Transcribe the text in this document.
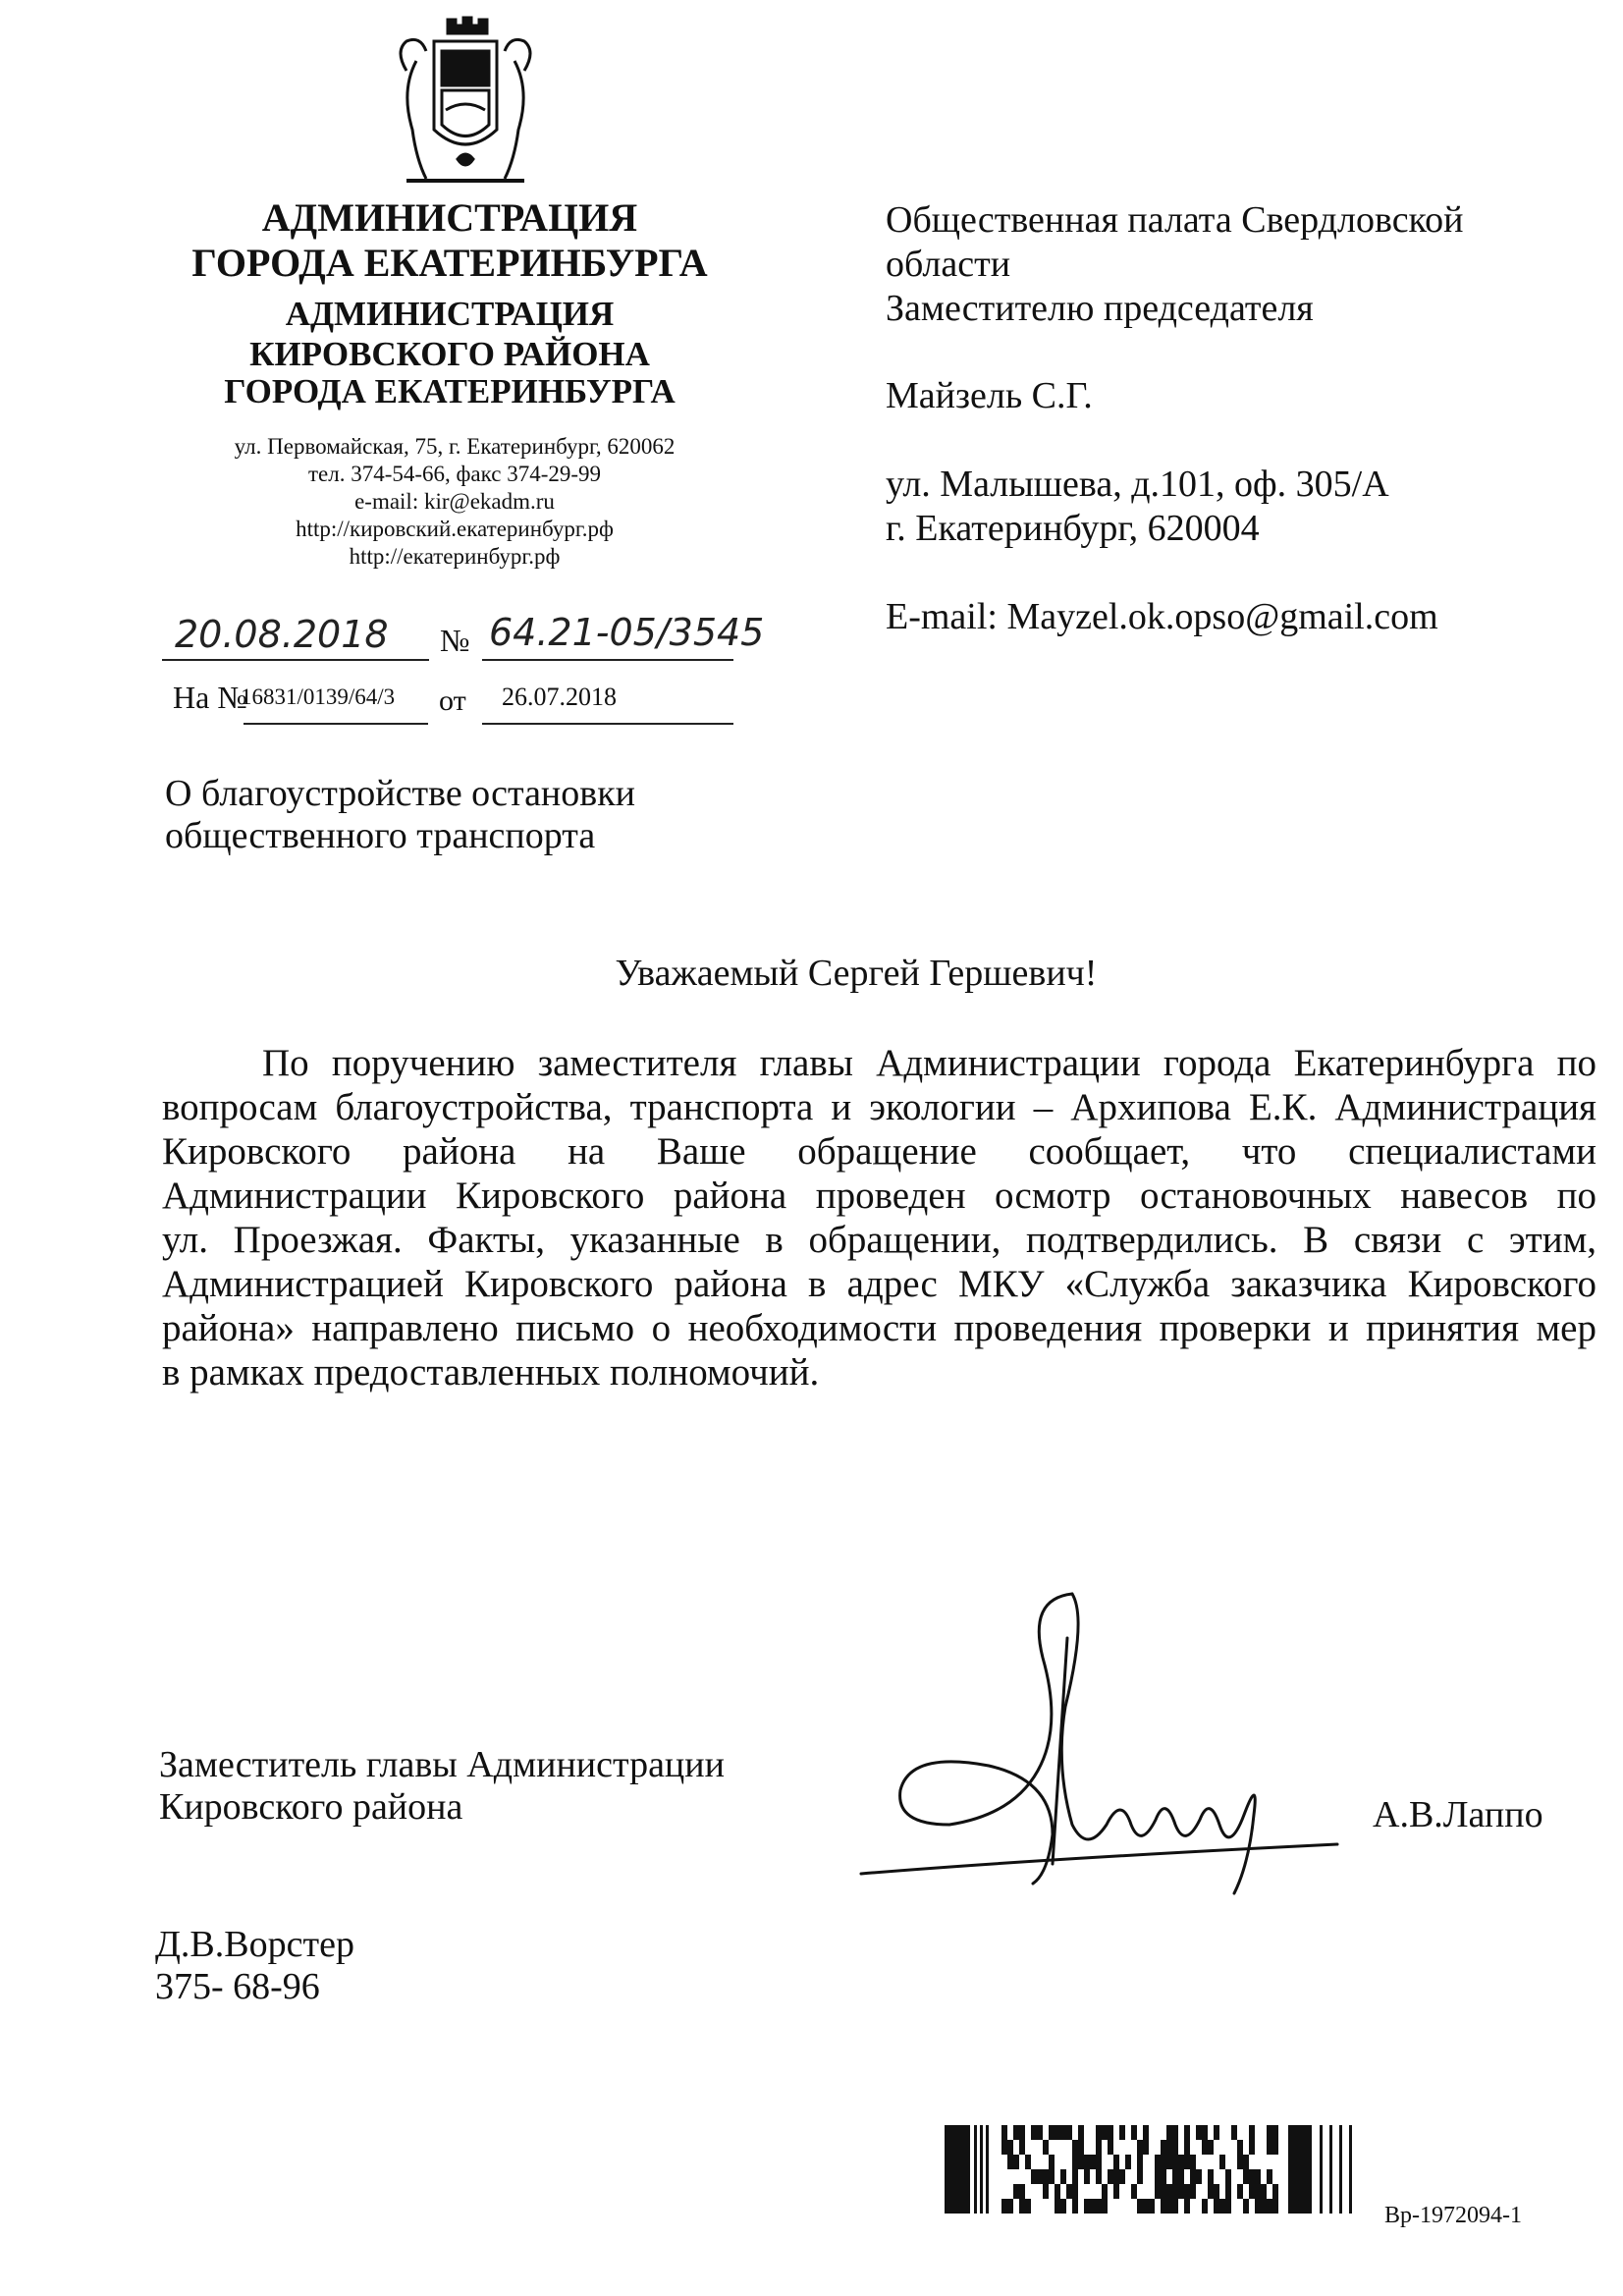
АДМИНИСТРАЦИЯ
ГОРОДА ЕКАТЕРИНБУРГА
АДМИНИСТРАЦИЯ
КИРОВСКОГО РАЙОНА
ГОРОДА ЕКАТЕРИНБУРГА
ул. Первомайская, 75, г. Екатеринбург, 620062
тел. 374-54-66, факс 374-29-99
e-mail: kir@ekadm.ru
http://кировский.екатеринбург.рф
http://екатеринбург.рф
20.08.2018 № 64.21-05/3545
На №
16831/0139/64/3 от 26.07.2018
Общественная палата Свердловской
области
Заместителю председателя
Майзель С.Г.
ул. Малышева, д.101, оф. 305/А
г. Екатеринбург, 620004
E-mail: Mayzel.ok.opso@gmail.com
О благоустройстве остановки
общественного транспорта
Уважаемый Сергей Гершевич!
По поручению заместителя главы Администрации города Екатеринбурга по
вопросам благоустройства, транспорта и экологии – Архипова Е.К. Администрация
Кировского района на Ваше обращение сообщает, что специалистами
Администрации Кировского района проведен осмотр остановочных навесов по
ул. Проезжая. Факты, указанные в обращении, подтвердились. В связи с этим,
Администрацией Кировского района в адрес МКУ «Служба заказчика Кировского
района» направлено письмо о необходимости проведения проверки и принятия мер
в рамках предоставленных полномочий.
Заместитель главы Администрации
Кировского района	А.В.Лаппо
Д.В.Ворстер
375- 68-96
Вр-1972094-1
